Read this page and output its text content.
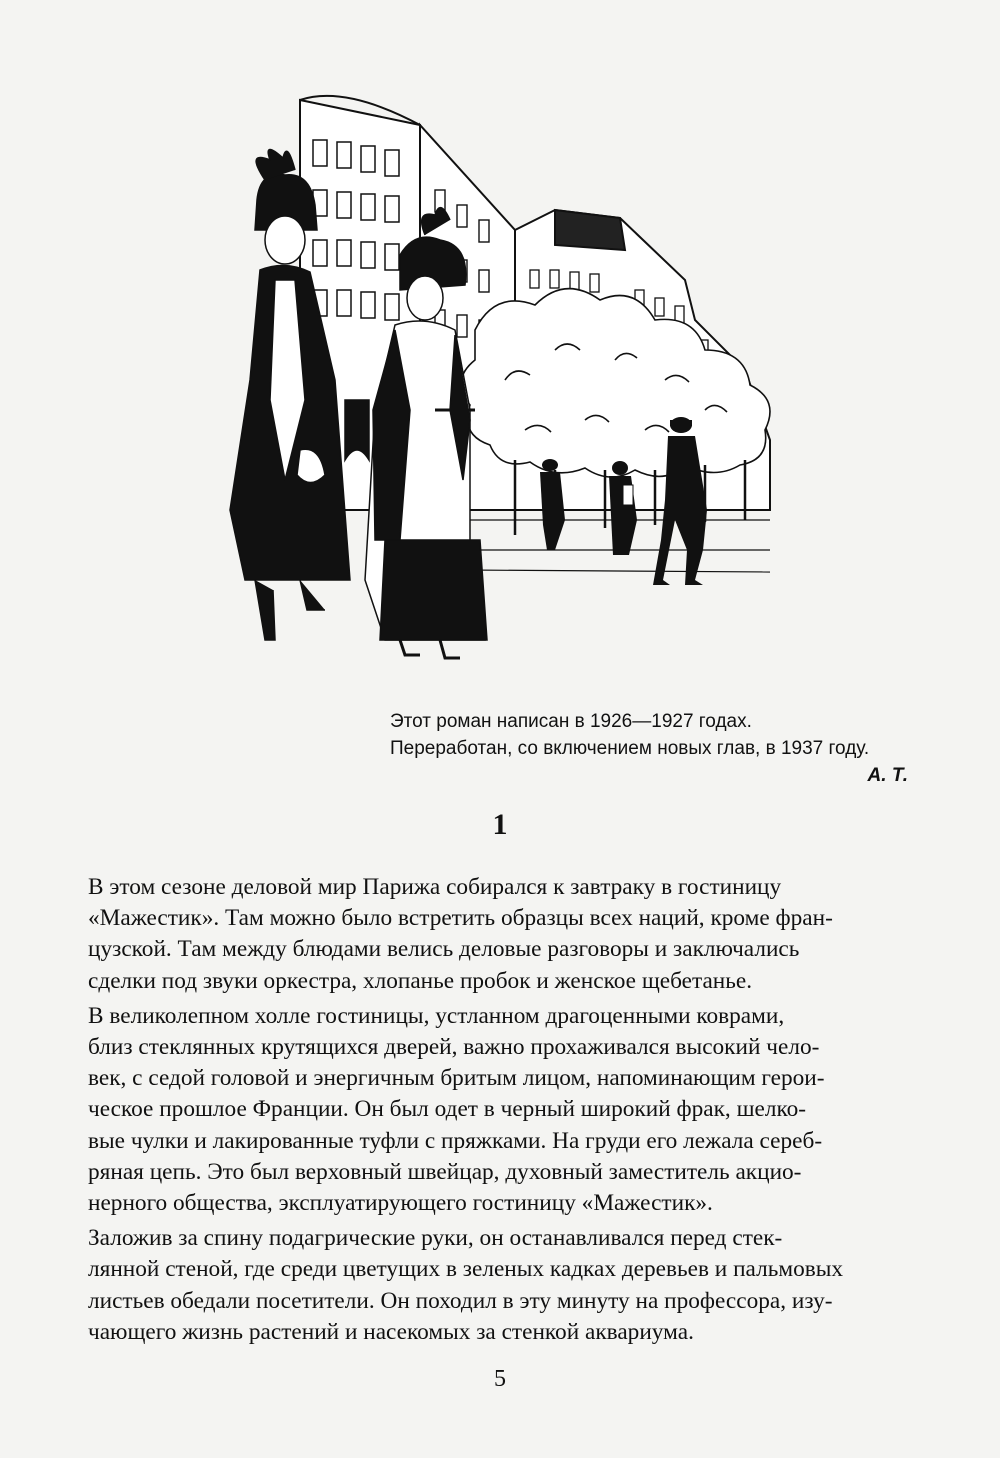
Этот роман написан в 1926—1927 годах.
Переработан, со включением новых глав, в 1937 году.
А. Т.
1

В этом сезоне деловой мир Парижа собирался к завтраку в гостиницу
«Мажестик». Там можно было встретить образцы всех наций, кроме фран-
цузской. Там между блюдами велись деловые разговоры и заключались
сделки под звуки оркестра, хлопанье пробок и женское щебетанье.

В великолепном холле гостиницы, устланном драгоценными коврами,
близ стеклянных крутящихся дверей, важно прохаживался высокий чело-
век, с седой головой и энергичным бритым лицом, напоминающим герои-
ческое прошлое Франции. Он был одет в черный широкий фрак, шелко-
вые чулки и лакированные туфли с пряжками. На груди его лежала сереб-
ряная цепь. Это был верховный швейцар, духовный заместитель акцио-
нерного общества, эксплуатирующего гостиницу «Мажестик».

Заложив за спину подагрические руки, он останавливался перед стек-
лянной стеной, где среди цветущих в зеленых кадках деревьев и пальмовых
листьев обедали посетители. Он походил в эту минуту на профессора, изу-
чающего жизнь растений и насекомых за стенкой аквариума.

5
